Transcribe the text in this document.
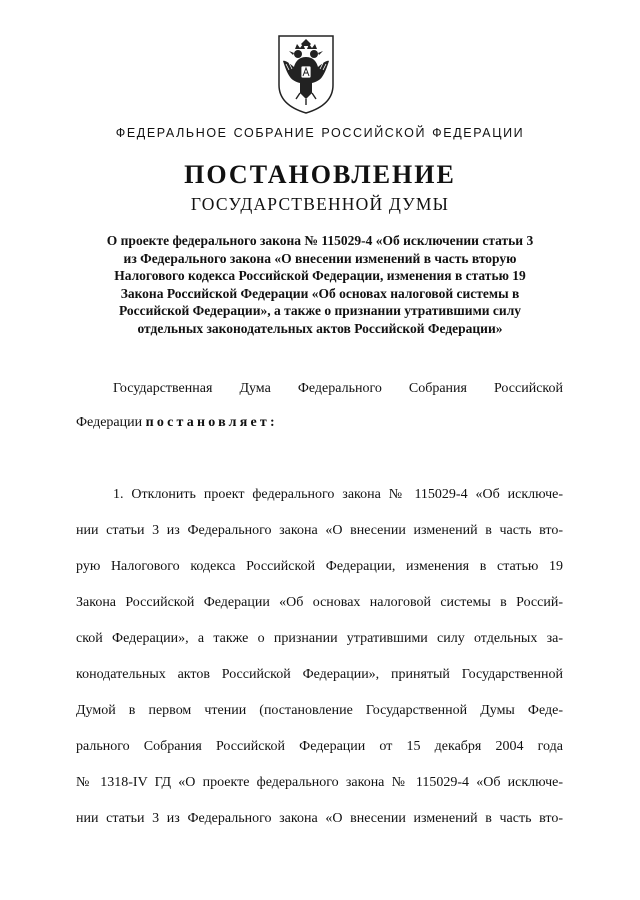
ФЕДЕРАЛЬНОЕ СОБРАНИЕ РОССИЙСКОЙ ФЕДЕРАЦИИ
ПОСТАНОВЛЕНИЕ
ГОСУДАРСТВЕННОЙ ДУМЫ
О проекте федерального закона № 115029-4 «Об исключении статьи 3
из Федерального закона «О внесении изменений в часть вторую
Налогового кодекса Российской Федерации, изменения в статью 19
Закона Российской Федерации «Об основах налоговой системы в
Российской Федерации», а также о признании утратившими силу
отдельных законодательных актов Российской Федерации»
Государственная Дума Федерального Собрания Российской
Федерации постановляет:
1. Отклонить проект федерального закона № 115029-4 «Об исключе-
нии статьи 3 из Федерального закона «О внесении изменений в часть вто-
рую Налогового кодекса Российской Федерации, изменения в статью 19
Закона Российской Федерации «Об основах налоговой системы в Россий-
ской Федерации», а также о признании утратившими силу отдельных за-
конодательных актов Российской Федерации», принятый Государственной
Думой в первом чтении (постановление Государственной Думы Феде-
рального Собрания Российской Федерации от 15 декабря 2004 года
№ 1318-IV ГД «О проекте федерального закона № 115029-4 «Об исключе-
нии статьи 3 из Федерального закона «О внесении изменений в часть вто-
